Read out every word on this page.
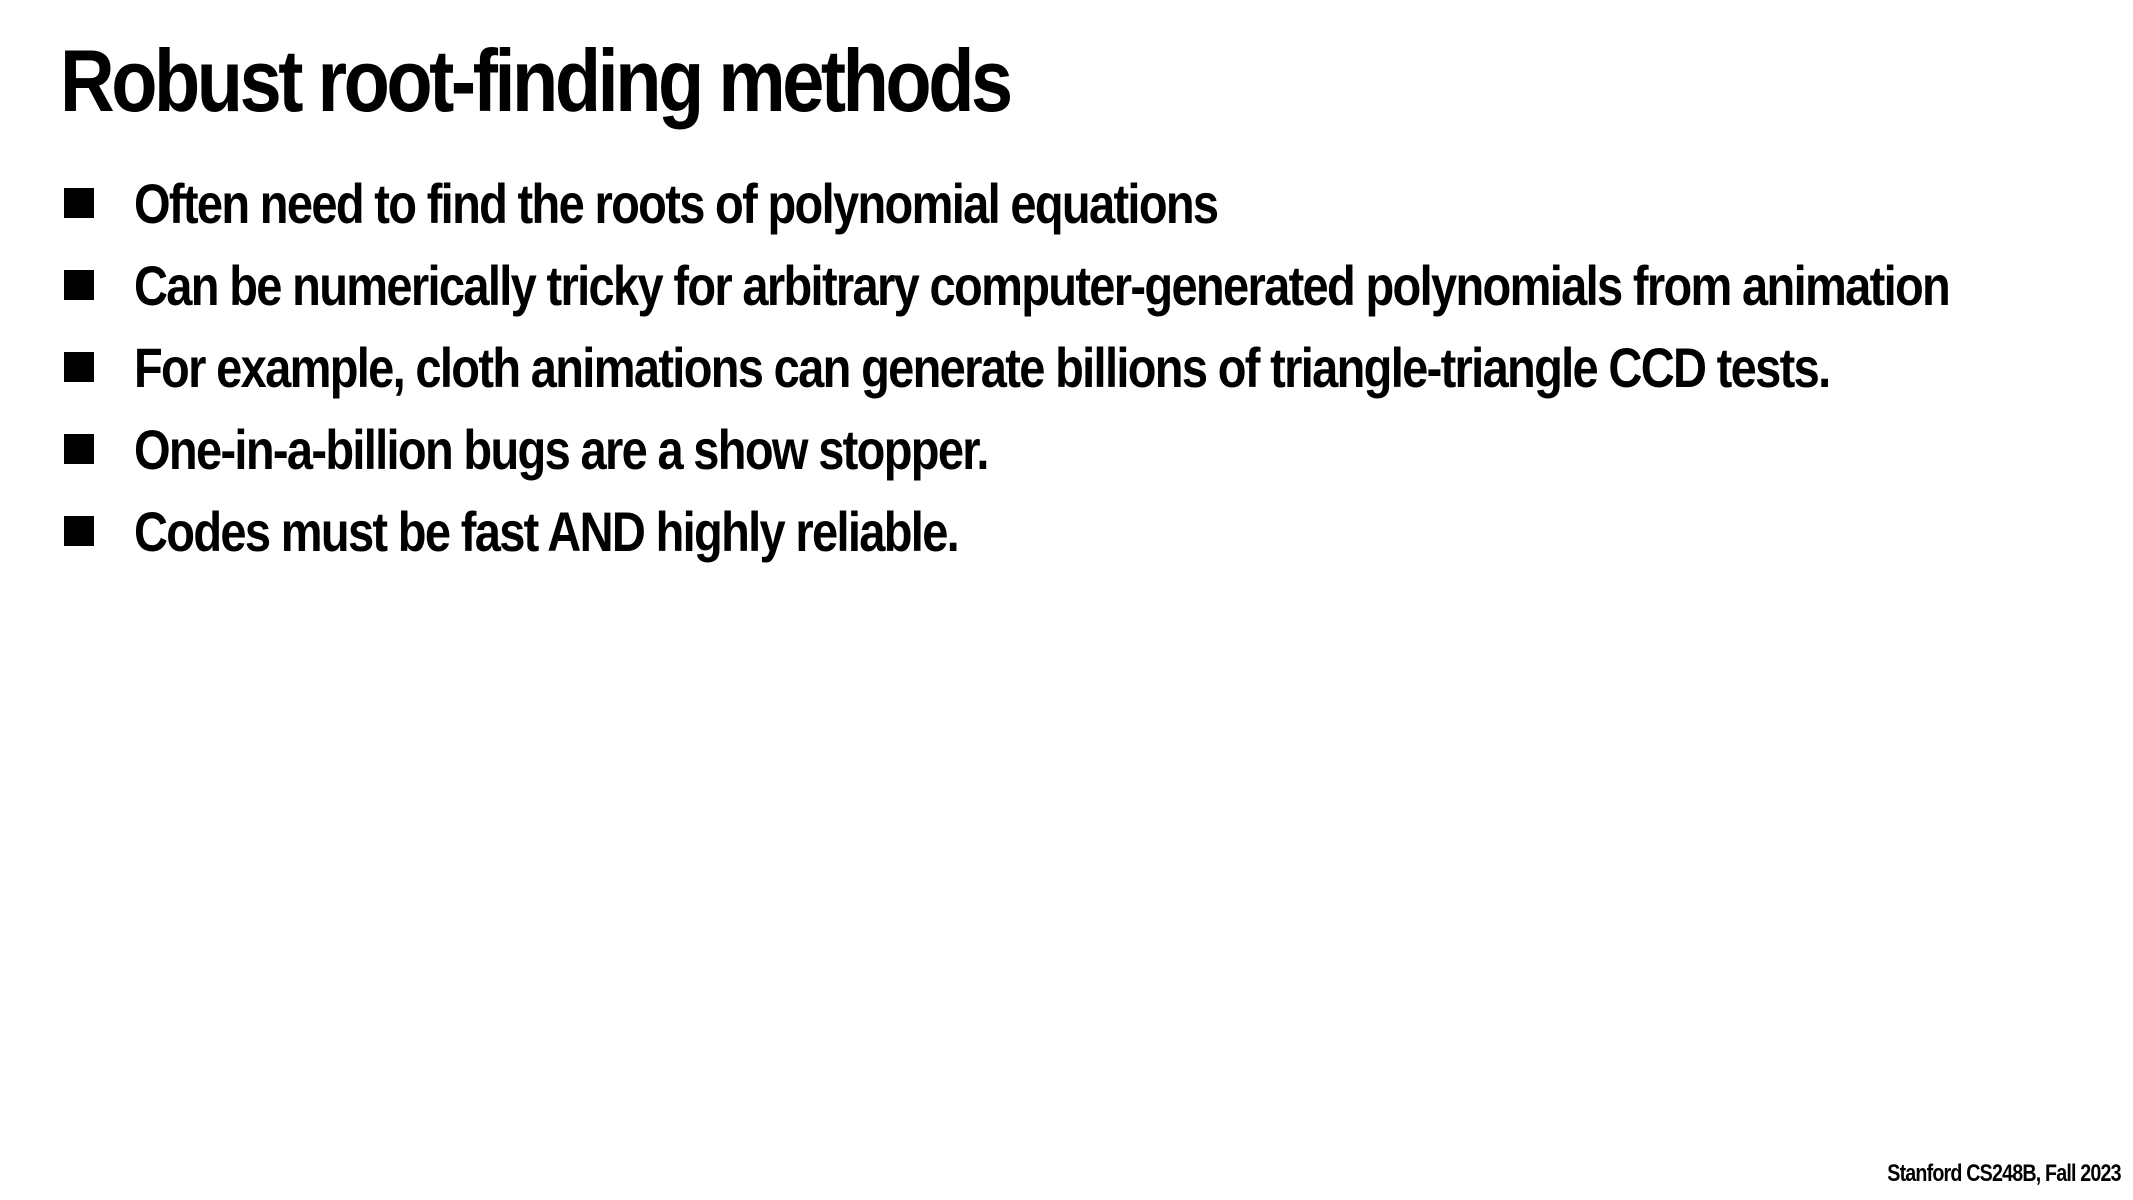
Robust root-finding methods
Often need to find the roots of polynomial equations
Can be numerically tricky for arbitrary computer-generated polynomials from animation
For example, cloth animations can generate billions of triangle-triangle CCD tests.
One-in-a-billion bugs are a show stopper.
Codes must be fast AND highly reliable.
Stanford CS248B, Fall 2023
